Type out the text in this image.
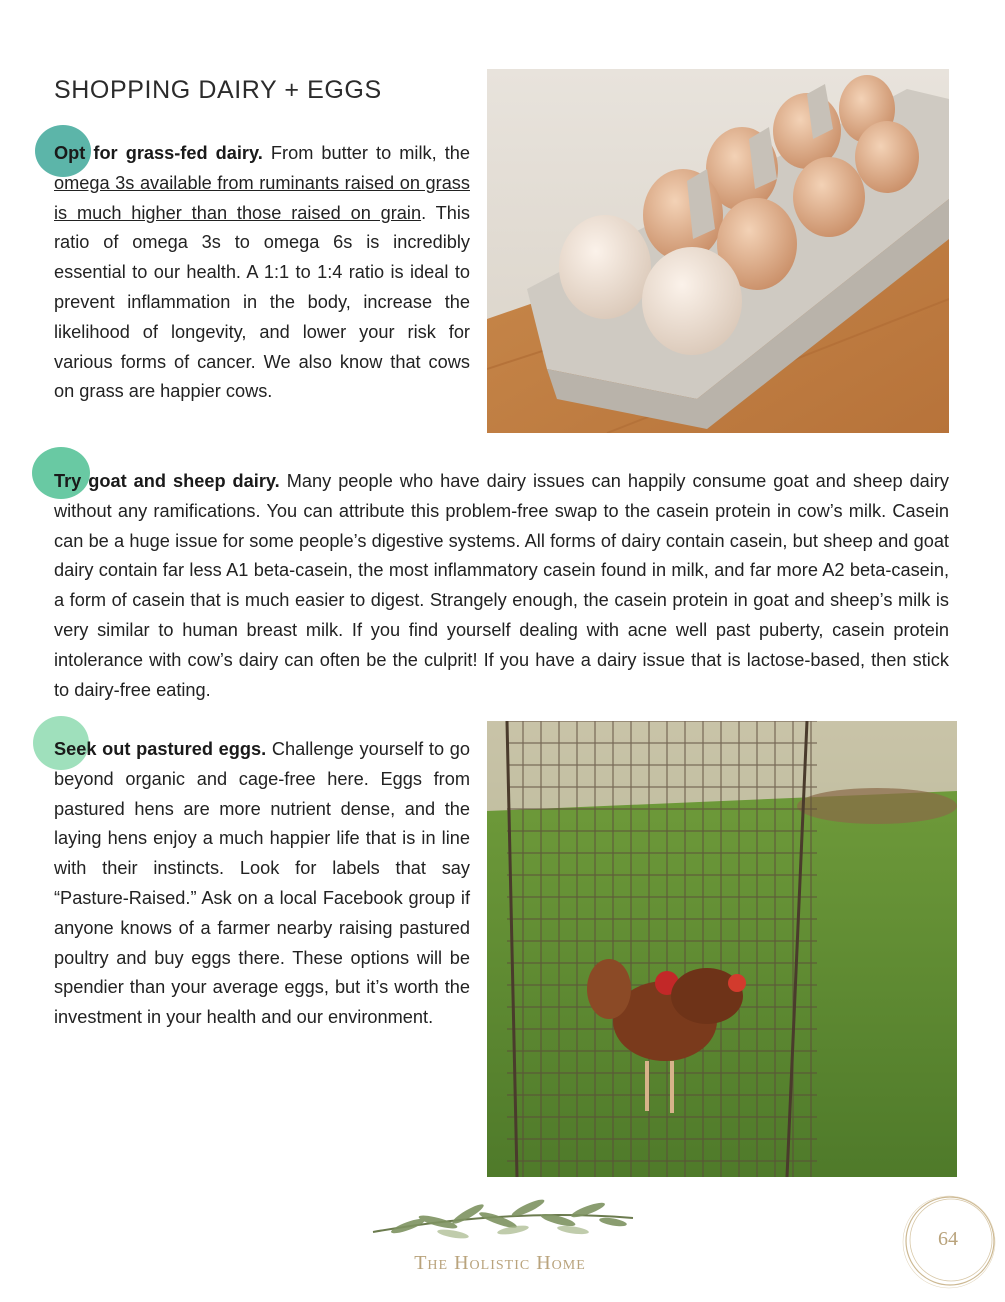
SHOPPING DAIRY + EGGS

Opt for grass-fed dairy. From butter to milk, the omega 3s available from ruminants raised on grass is much higher than those raised on grain. This ratio of omega 3s to omega 6s is incredibly essential to our health. A 1:1 to 1:4 ratio is ideal to prevent inflammation in the body, increase the likelihood of longevity, and lower your risk for various forms of cancer. We also know that cows on grass are happier cows.

Try goat and sheep dairy. Many people who have dairy issues can happily consume goat and sheep dairy without any ramifications. You can attribute this problem-free swap to the casein protein in cow’s milk. Casein can be a huge issue for some people’s digestive systems. All forms of dairy contain casein, but sheep and goat dairy contain far less A1 beta-casein, the most inflammatory casein found in milk, and far more A2 beta-casein, a form of casein that is much easier to digest. Strangely enough, the casein protein in goat and sheep’s milk is very similar to human breast milk. If you find yourself dealing with acne well past puberty, casein protein intolerance with cow’s dairy can often be the culprit! If you have a dairy issue that is lactose-based, then stick to dairy-free eating.

Seek out pastured eggs. Challenge yourself to go beyond organic and cage-free here. Eggs from pastured hens are more nutrient dense, and the laying hens enjoy a much happier life that is in line with their instincts. Look for labels that say “Pasture-Raised.” Ask on a local Facebook group if anyone knows of a farmer nearby raising pastured poultry and buy eggs there. These options will be spendier than your average eggs, but it’s worth the investment in your health and our environment.

The Holistic Home
64
